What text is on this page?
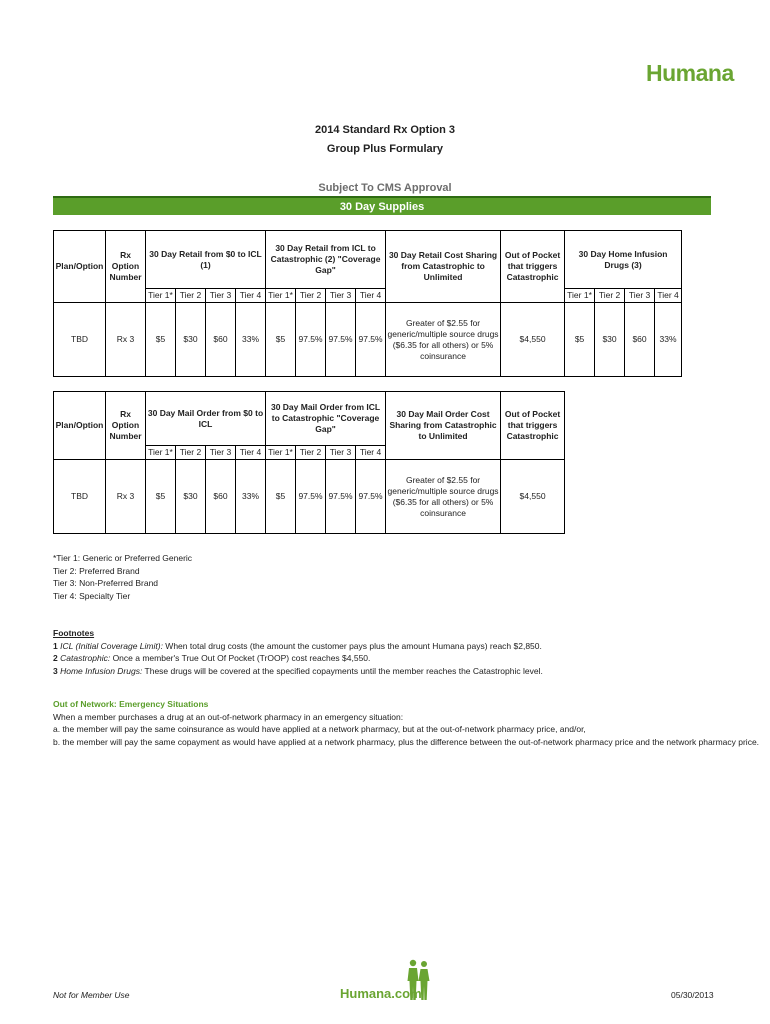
Humana
2014 Standard Rx Option 3
Group Plus Formulary
Subject To CMS Approval
30 Day Supplies
Plan/Option	Rx Option Number	30 Day Retail from $0 to ICL (1)				30 Day Retail from ICL to Catastrophic (2) "Coverage Gap"				30 Day Retail Cost Sharing from Catastrophic to Unlimited	Out of Pocket that triggers Catastrophic	30 Day Home Infusion Drugs (3)			
		Tier 1*	Tier 2	Tier 3	Tier 4	Tier 1*	Tier 2	Tier 3	Tier 4			Tier 1*	Tier 2	Tier 3	Tier 4
TBD	Rx 3	$5	$30	$60	33%	$5	97.5%	97.5%	97.5%	Greater of $2.55 for generic/multiple source drugs ($6.35 for all others) or 5% coinsurance	$4,550	$5	$30	$60	33%
Plan/Option	Rx Option Number	30 Day Mail Order from $0 to ICL				30 Day Mail Order from ICL to Catastrophic "Coverage Gap"				30 Day Mail Order Cost Sharing from Catastrophic to Unlimited	Out of Pocket that triggers Catastrophic
		Tier 1*	Tier 2	Tier 3	Tier 4	Tier 1*	Tier 2	Tier 3	Tier 4		
TBD	Rx 3	$5	$30	$60	33%	$5	97.5%	97.5%	97.5%	Greater of $2.55 for generic/multiple source drugs ($6.35 for all others) or 5% coinsurance	$4,550

*Tier 1: Generic or Preferred Generic

Tier 2: Preferred Brand

Tier 3: Non-Preferred Brand

Tier 4: Specialty Tier

Footnotes

1 ICL (Initial Coverage Limit): When total drug costs (the amount the customer pays plus the amount Humana pays) reach $2,850.

2 Catastrophic: Once a member's True Out Of Pocket (TrOOP) cost reaches $4,550.

3 Home Infusion Drugs: These drugs will be covered at the specified copayments until the member reaches the Catastrophic level.

Out of Network: Emergency Situations

When a member purchases a drug at an out-of-network pharmacy in an emergency situation:

a. the member will pay the same coinsurance as would have applied at a network pharmacy, but at the out-of-network pharmacy price, and/or,

b. the member will pay the same copayment as would have applied at a network pharmacy, plus the difference between the out-of-network pharmacy price and the network pharmacy price.

Not for Member Use	Humana.com	05/30/2013
